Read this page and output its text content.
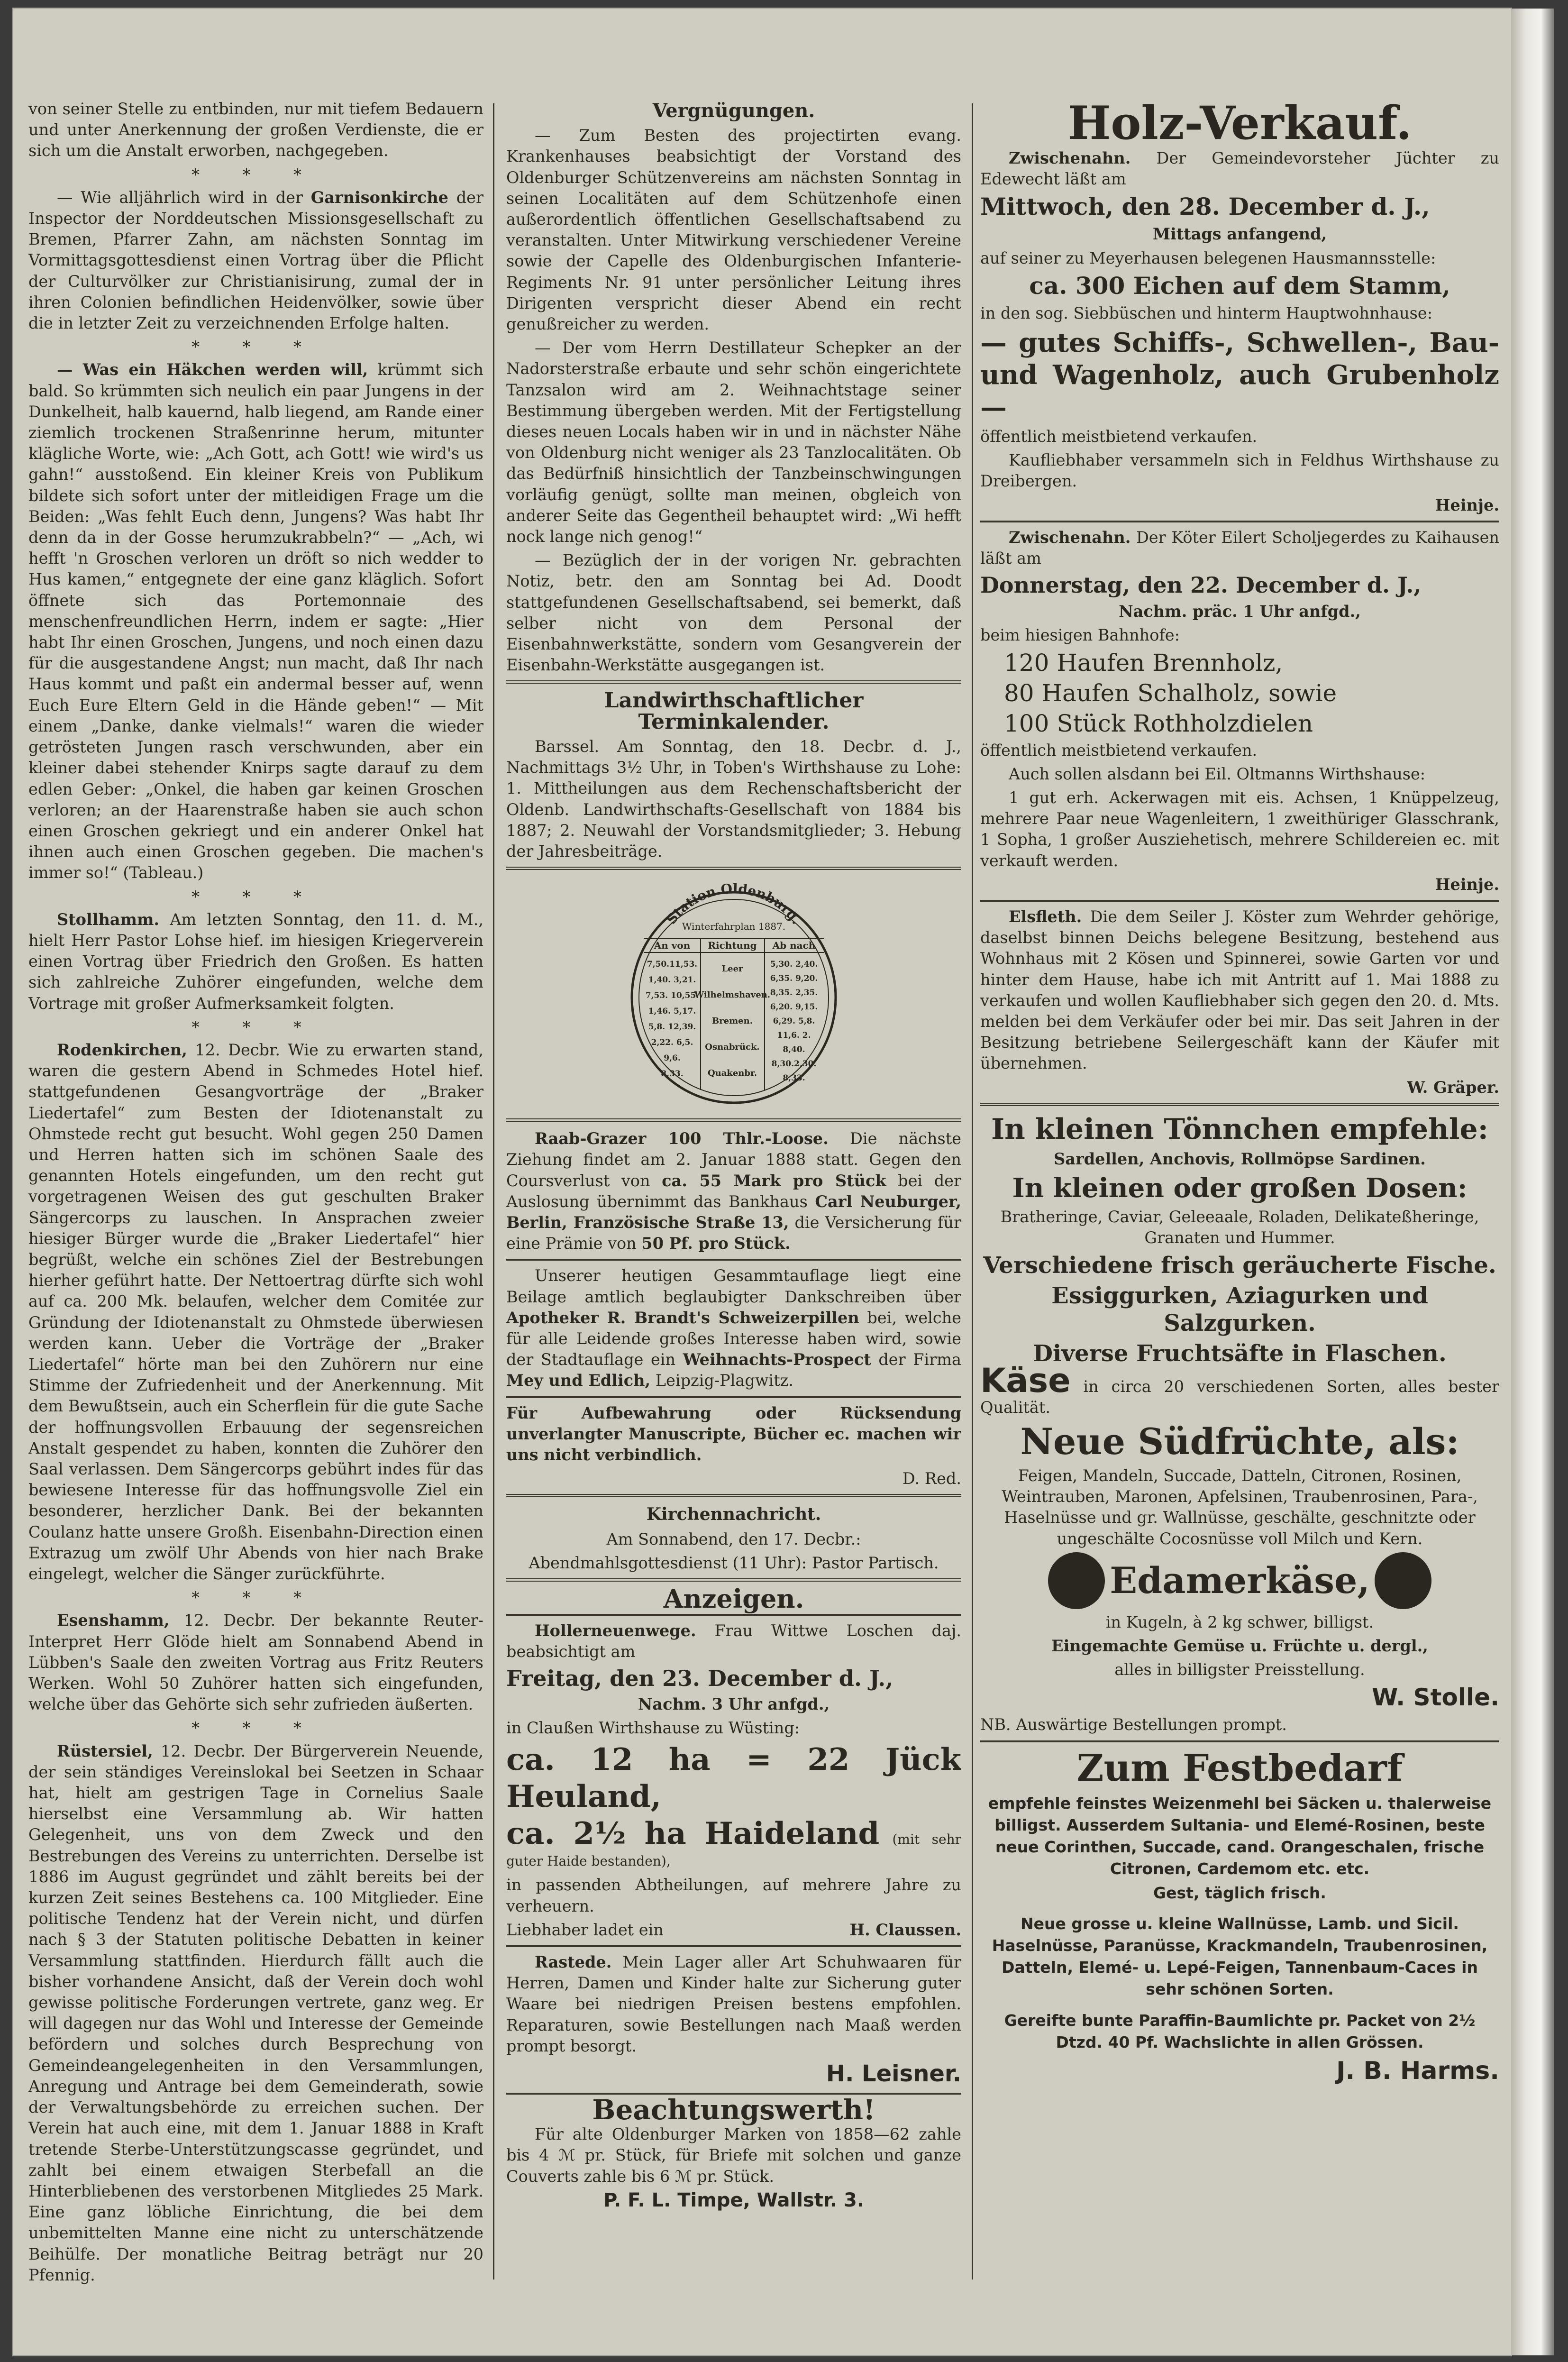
von seiner Stelle zu entbinden, nur mit tiefem Bedauern und unter Anerkennung der großen Verdienste, die er sich um die Anstalt erworben, nachgegeben.

* * *

— Wie alljährlich wird in der Garnisonkirche der Inspector der Norddeutschen Missionsgesellschaft zu Bremen, Pfarrer Zahn, am nächsten Sonntag im Vormittagsgottesdienst einen Vortrag über die Pflicht der Culturvölker zur Christianisirung, zumal der in ihren Colonien befindlichen Heidenvölker, sowie über die in letzter Zeit zu verzeichnenden Erfolge halten.

* * *

— Was ein Häkchen werden will, krümmt sich bald. So krümmten sich neulich ein paar Jungens in der Dunkelheit, halb kauernd, halb liegend, am Rande einer ziemlich trockenen Straßenrinne herum, mitunter klägliche Worte, wie: „Ach Gott, ach Gott! wie wird's us gahn!“ ausstoßend. Ein kleiner Kreis von Publikum bildete sich sofort unter der mitleidigen Frage um die Beiden: „Was fehlt Euch denn, Jungens? Was habt Ihr denn da in der Gosse herumzukrabbeln?“ — „Ach, wi hefft 'n Groschen verloren un dröft so nich wedder to Hus kamen,“ entgegnete der eine ganz kläglich. Sofort öffnete sich das Portemonnaie des menschenfreundlichen Herrn, indem er sagte: „Hier habt Ihr einen Groschen, Jungens, und noch einen dazu für die ausgestandene Angst; nun macht, daß Ihr nach Haus kommt und paßt ein andermal besser auf, wenn Euch Eure Eltern Geld in die Hände geben!“ — Mit einem „Danke, danke vielmals!“ waren die wieder getrösteten Jungen rasch verschwunden, aber ein kleiner dabei stehender Knirps sagte darauf zu dem edlen Geber: „Onkel, die haben gar keinen Groschen verloren; an der Haarenstraße haben sie auch schon einen Groschen gekriegt und ein anderer Onkel hat ihnen auch einen Groschen gegeben. Die machen's immer so!“ (Tableau.)

* * *

Stollhamm. Am letzten Sonntag, den 11. d. M., hielt Herr Pastor Lohse hief. im hiesigen Kriegerverein einen Vortrag über Friedrich den Großen. Es hatten sich zahlreiche Zuhörer eingefunden, welche dem Vortrage mit großer Aufmerksamkeit folgten.

* * *

Rodenkirchen, 12. Decbr. Wie zu erwarten stand, waren die gestern Abend in Schmedes Hotel hief. stattgefundenen Gesangvorträge der „Braker Liedertafel“ zum Besten der Idiotenanstalt zu Ohmstede recht gut besucht. Wohl gegen 250 Damen und Herren hatten sich im schönen Saale des genannten Hotels eingefunden, um den recht gut vorgetragenen Weisen des gut geschulten Braker Sängercorps zu lauschen. In Ansprachen zweier hiesiger Bürger wurde die „Braker Liedertafel“ hier begrüßt, welche ein schönes Ziel der Bestrebungen hierher geführt hatte. Der Nettoertrag dürfte sich wohl auf ca. 200 Mk. belaufen, welcher dem Comitée zur Gründung der Idiotenanstalt zu Ohmstede überwiesen werden kann. Ueber die Vorträge der „Braker Liedertafel“ hörte man bei den Zuhörern nur eine Stimme der Zufriedenheit und der Anerkennung. Mit dem Bewußtsein, auch ein Scherflein für die gute Sache der hoffnungsvollen Erbauung der segensreichen Anstalt gespendet zu haben, konnten die Zuhörer den Saal verlassen. Dem Sängercorps gebührt indes für das bewiesene Interesse für das hoffnungsvolle Ziel ein besonderer, herzlicher Dank. Bei der bekannten Coulanz hatte unsere Großh. Eisenbahn-Direction einen Extrazug um zwölf Uhr Abends von hier nach Brake eingelegt, welcher die Sänger zurückführte.

* * *

Esenshamm, 12. Decbr. Der bekannte Reuter-Interpret Herr Glöde hielt am Sonnabend Abend in Lübben's Saale den zweiten Vortrag aus Fritz Reuters Werken. Wohl 50 Zuhörer hatten sich eingefunden, welche über das Gehörte sich sehr zufrieden äußerten.

* * *

Rüstersiel, 12. Decbr. Der Bürgerverein Neuende, der sein ständiges Vereinslokal bei Seetzen in Schaar hat, hielt am gestrigen Tage in Cornelius Saale hierselbst eine Versammlung ab. Wir hatten Gelegenheit, uns von dem Zweck und den Bestrebungen des Vereins zu unterrichten. Derselbe ist 1886 im August gegründet und zählt bereits bei der kurzen Zeit seines Bestehens ca. 100 Mitglieder. Eine politische Tendenz hat der Verein nicht, und dürfen nach § 3 der Statuten politische Debatten in keiner Versammlung stattfinden. Hierdurch fällt auch die bisher vorhandene Ansicht, daß der Verein doch wohl gewisse politische Forderungen vertrete, ganz weg. Er will dagegen nur das Wohl und Interesse der Gemeinde befördern und solches durch Besprechung von Gemeindeangelegenheiten in den Versammlungen, Anregung und Antrage bei dem Gemeinderath, sowie der Verwaltungsbehörde zu erreichen suchen. Der Verein hat auch eine, mit dem 1. Januar 1888 in Kraft tretende Sterbe-Unterstützungscasse gegründet, und zahlt bei einem etwaigen Sterbefall an die Hinterbliebenen des verstorbenen Mitgliedes 25 Mark. Eine ganz löbliche Einrichtung, die bei dem unbemittelten Manne eine nicht zu unterschätzende Beihülfe. Der monatliche Beitrag beträgt nur 20 Pfennig.

Vergnügungen.

— Zum Besten des projectirten evang. Krankenhauses beabsichtigt der Vorstand des Oldenburger Schützenvereins am nächsten Sonntag in seinen Localitäten auf dem Schützenhofe einen außerordentlich öffentlichen Gesellschaftsabend zu veranstalten. Unter Mitwirkung verschiedener Vereine sowie der Capelle des Oldenburgischen Infanterie-Regiments Nr. 91 unter persönlicher Leitung ihres Dirigenten verspricht dieser Abend ein recht genußreicher zu werden.

— Der vom Herrn Destillateur Schepker an der Nadorsterstraße erbaute und sehr schön eingerichtete Tanzsalon wird am 2. Weihnachtstage seiner Bestimmung übergeben werden. Mit der Fertigstellung dieses neuen Locals haben wir in und in nächster Nähe von Oldenburg nicht weniger als 23 Tanzlocalitäten. Ob das Bedürfniß hinsichtlich der Tanzbeinschwingungen vorläufig genügt, sollte man meinen, obgleich von anderer Seite das Gegentheil behauptet wird: „Wi hefft nock lange nich genog!“

— Bezüglich der in der vorigen Nr. gebrachten Notiz, betr. den am Sonntag bei Ad. Doodt stattgefundenen Gesellschaftsabend, sei bemerkt, daß selber nicht von dem Personal der Eisenbahnwerkstätte, sondern vom Gesangverein der Eisenbahn-Werkstätte ausgegangen ist.

Landwirthschaftlicher Terminkalender.

Barssel. Am Sonntag, den 18. Decbr. d. J., Nachmittags 3½ Uhr, in Toben's Wirthshause zu Lohe: 1. Mittheilungen aus dem Rechenschaftsbericht der Oldenb. Landwirthschafts-Gesellschaft von 1884 bis 1887; 2. Neuwahl der Vorstandsmitglieder; 3. Hebung der Jahresbeiträge.

Station Oldenburg.
Winterfahrplan 1887.
An von Richtung Ab nach
7,50.11,53.
1,40. 3,21.
7,53. 10,55.
1,46. 5,17.
5,8. 12,39.
2,22. 6,5.
9,6.
8,33.
Leer
Wilhelmshaven.
Bremen.
Osnabrück.
Quakenbr.
5,30. 2,40.
6,35. 9,20.
8,35. 2,35.
6,20. 9,15.
6,29. 5,8.
11,6. 2.
8,40.
8,30.2,30.
8,33.

Raab-Grazer 100 Thlr.-Loose. Die nächste Ziehung findet am 2. Januar 1888 statt. Gegen den Coursverlust von ca. 55 Mark pro Stück bei der Auslosung übernimmt das Bankhaus Carl Neuburger, Berlin, Französische Straße 13, die Versicherung für eine Prämie von 50 Pf. pro Stück.

Unserer heutigen Gesammtauflage liegt eine Beilage amtlich beglaubigter Dankschreiben über Apotheker R. Brandt's Schweizerpillen bei, welche für alle Leidende großes Interesse haben wird, sowie der Stadtauflage ein Weihnachts-Prospect der Firma Mey und Edlich, Leipzig-Plagwitz.

Für Aufbewahrung oder Rücksendung unverlangter Manuscripte, Bücher ec. machen wir uns nicht verbindlich.

D. Red.

Kirchennachricht.

Am Sonnabend, den 17. Decbr.:

Abendmahlsgottesdienst (11 Uhr): Pastor Partisch.

Anzeigen.

Hollerneuenwege. Frau Wittwe Loschen daj. beabsichtigt am

Freitag, den 23. December d. J.,

Nachm. 3 Uhr anfgd.,

in Claußen Wirthshause zu Wüsting:

ca. 12 ha = 22 Jück Heuland,

ca. 2½ ha Haideland (mit sehr guter Haide bestanden),

in passenden Abtheilungen, auf mehrere Jahre zu verheuern.

Liebhaber ladet ein	H. Claussen.

Rastede. Mein Lager aller Art Schuhwaaren für Herren, Damen und Kinder halte zur Sicherung guter Waare bei niedrigen Preisen bestens empfohlen. Reparaturen, sowie Bestellungen nach Maaß werden prompt besorgt.

H. Leisner.

Beachtungswerth!

Für alte Oldenburger Marken von 1858—62 zahle bis 4 ℳ pr. Stück, für Briefe mit solchen und ganze Couverts zahle bis 6 ℳ pr. Stück.

P. F. L. Timpe, Wallstr. 3.

Holz-Verkauf.

Zwischenahn. Der Gemeindevorsteher Jüchter zu Edewecht läßt am

Mittwoch, den 28. December d. J.,

Mittags anfangend,

auf seiner zu Meyerhausen belegenen Hausmannsstelle:

ca. 300 Eichen auf dem Stamm,

in den sog. Siebbüschen und hinterm Hauptwohnhause:

— gutes Schiffs-, Schwellen-, Bau- und Wagenholz, auch Grubenholz —

öffentlich meistbietend verkaufen.

Kaufliebhaber versammeln sich in Feldhus Wirthshause zu Dreibergen.

Heinje.

Zwischenahn. Der Köter Eilert Scholjegerdes zu Kaihausen läßt am

Donnerstag, den 22. December d. J.,

Nachm. präc. 1 Uhr anfgd.,

beim hiesigen Bahnhofe:

120 Haufen Brennholz,

80 Haufen Schalholz, sowie

100 Stück Rothholzdielen

öffentlich meistbietend verkaufen.

Auch sollen alsdann bei Eil. Oltmanns Wirthshause:

1 gut erh. Ackerwagen mit eis. Achsen, 1 Knüppelzeug, mehrere Paar neue Wagenleitern, 1 zweithüriger Glasschrank, 1 Sopha, 1 großer Ausziehetisch, mehrere Schildereien ec. mit verkauft werden.

Heinje.

Elsfleth. Die dem Seiler J. Köster zum Wehrder gehörige, daselbst binnen Deichs belegene Besitzung, bestehend aus Wohnhaus mit 2 Kösen und Spinnerei, sowie Garten vor und hinter dem Hause, habe ich mit Antritt auf 1. Mai 1888 zu verkaufen und wollen Kaufliebhaber sich gegen den 20. d. Mts. melden bei dem Verkäufer oder bei mir. Das seit Jahren in der Besitzung betriebene Seilergeschäft kann der Käufer mit übernehmen.

W. Gräper.

In kleinen Tönnchen empfehle:

Sardellen, Anchovis, Rollmöpse Sardinen.

In kleinen oder großen Dosen:

Bratheringe, Caviar, Geleeaale, Roladen, Delikateßheringe, Granaten und Hummer.

Verschiedene frisch geräucherte Fische.

Essiggurken, Aziagurken und Salzgurken.

Diverse Fruchtsäfte in Flaschen.

Käse in circa 20 verschiedenen Sorten, alles bester Qualität.

Neue Südfrüchte, als:

Feigen, Mandeln, Succade, Datteln, Citronen, Rosinen, Weintrauben, Maronen, Apfelsinen, Traubenrosinen, Para-, Haselnüsse und gr. Wallnüsse, geschälte, geschnitzte oder ungeschälte Cocosnüsse voll Milch und Kern.

Edamerkäse,

in Kugeln, à 2 kg schwer, billigst.

Eingemachte Gemüse u. Früchte u. dergl.,

alles in billigster Preisstellung.

W. Stolle.

NB. Auswärtige Bestellungen prompt.

Zum Festbedarf

empfehle feinstes Weizenmehl bei Säcken u. thalerweise billigst. Ausserdem Sultania- und Elemé-Rosinen, beste neue Corinthen, Succade, cand. Orangeschalen, frische Citronen, Cardemom etc. etc.

Gest, täglich frisch.

Neue grosse u. kleine Wallnüsse, Lamb. und Sicil. Haselnüsse, Paranüsse, Krackmandeln, Traubenrosinen, Datteln, Elemé- u. Lepé-Feigen, Tannenbaum-Caces in sehr schönen Sorten.

Gereifte bunte Paraffin-Baumlichte pr. Packet von 2½ Dtzd. 40 Pf. Wachslichte in allen Grössen.

J. B. Harms.
